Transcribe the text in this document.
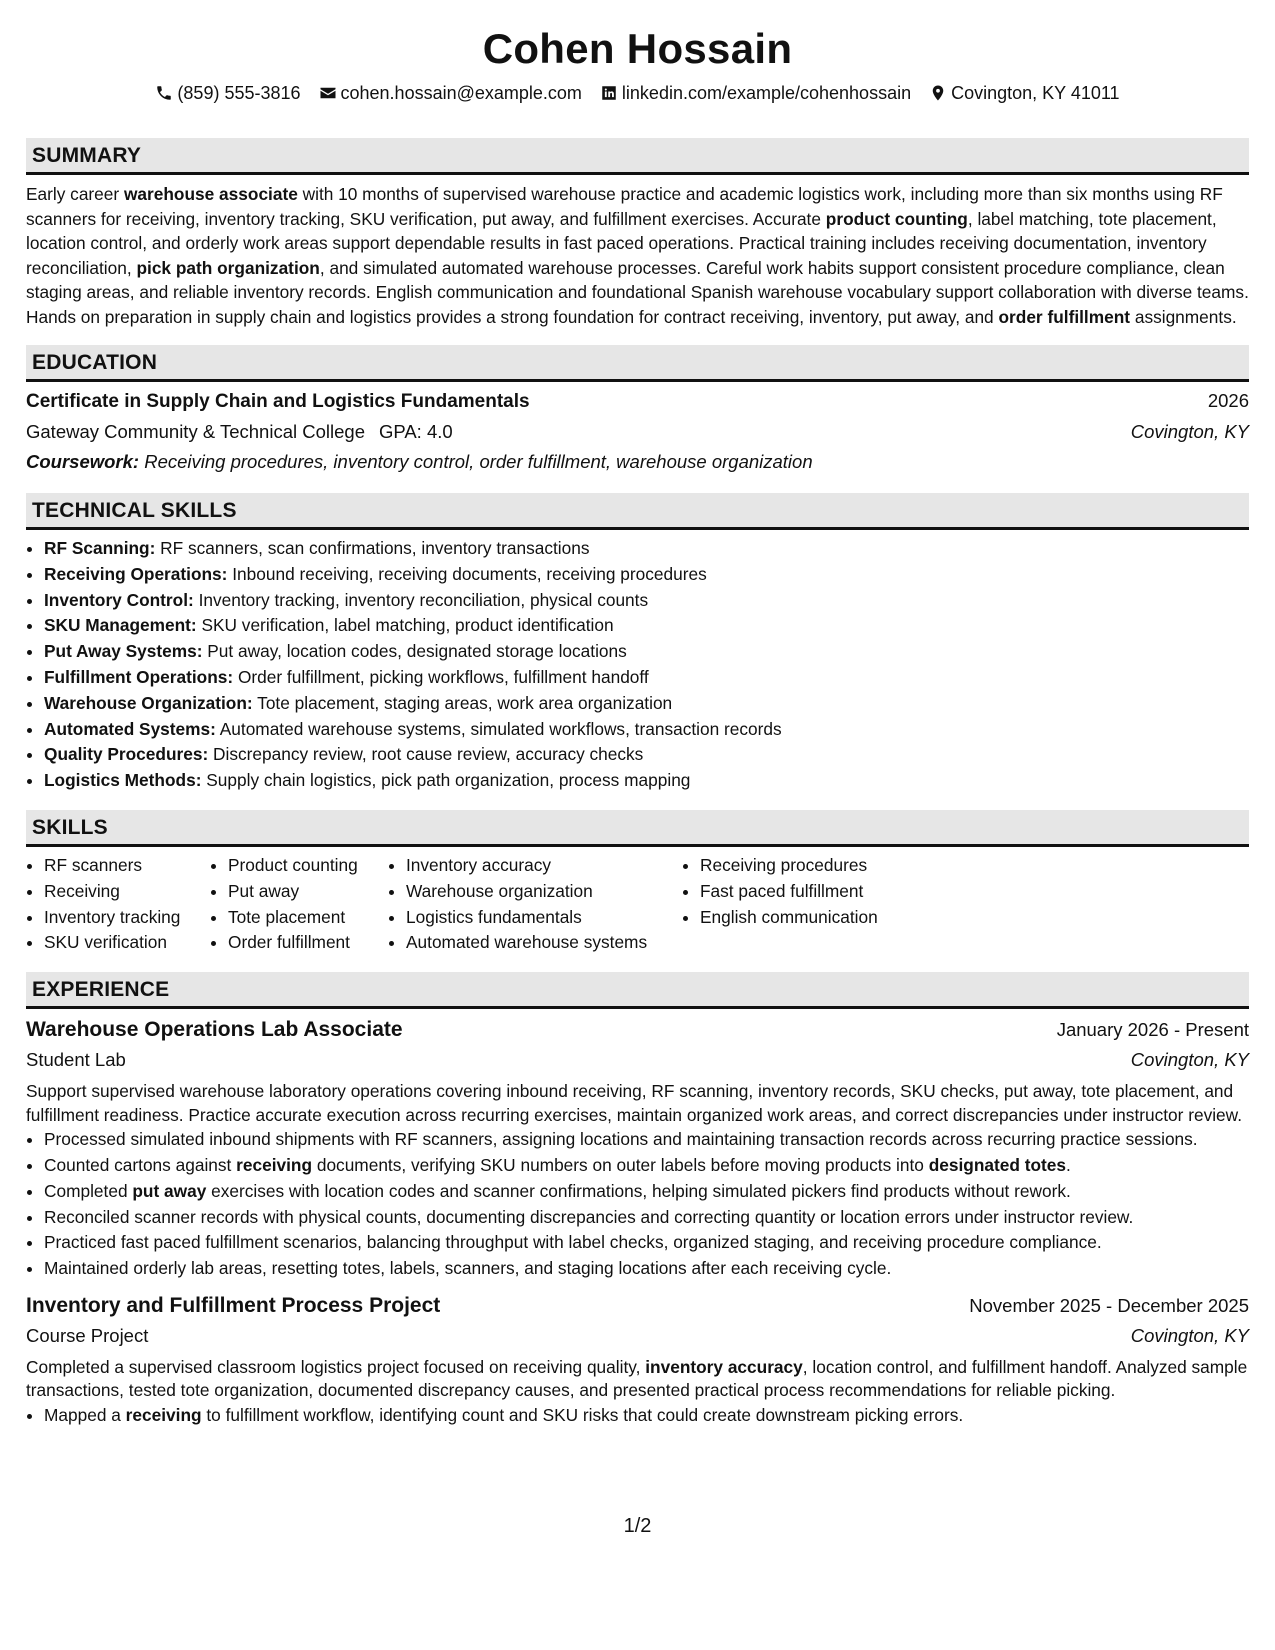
Cohen Hossain
(859) 555-3816 cohen.hossain@example.com linkedin.com/example/cohenhossain Covington, KY 41011
SUMMARY

Early career warehouse associate with 10 months of supervised warehouse practice and academic logistics work, including more than six months using RF scanners for receiving, inventory tracking, SKU verification, put away, and fulfillment exercises. Accurate product counting, label matching, tote placement, location control, and orderly work areas support dependable results in fast paced operations. Practical training includes receiving documentation, inventory reconciliation, pick path organization, and simulated automated warehouse processes. Careful work habits support consistent procedure compliance, clean staging areas, and reliable inventory records. English communication and foundational Spanish warehouse vocabulary support collaboration with diverse teams. Hands on preparation in supply chain and logistics provides a strong foundation for contract receiving, inventory, put away, and order fulfillment assignments.

EDUCATION
Certificate in Supply Chain and Logistics Fundamentals	2026
Gateway Community & Technical College GPA: 4.0	Covington, KY
Coursework: Receiving procedures, inventory control, order fulfillment, warehouse organization
TECHNICAL SKILLS
• RF Scanning: RF scanners, scan confirmations, inventory transactions
• Receiving Operations: Inbound receiving, receiving documents, receiving procedures
• Inventory Control: Inventory tracking, inventory reconciliation, physical counts
• SKU Management: SKU verification, label matching, product identification
• Put Away Systems: Put away, location codes, designated storage locations
• Fulfillment Operations: Order fulfillment, picking workflows, fulfillment handoff
• Warehouse Organization: Tote placement, staging areas, work area organization
• Automated Systems: Automated warehouse systems, simulated workflows, transaction records
• Quality Procedures: Discrepancy review, root cause review, accuracy checks
• Logistics Methods: Supply chain logistics, pick path organization, process mapping
SKILLS
• RF scanners
• Receiving
• Inventory tracking
• SKU verification
• Product counting
• Put away
• Tote placement
• Order fulfillment
• Inventory accuracy
• Warehouse organization
• Logistics fundamentals
• Automated warehouse systems
• Receiving procedures
• Fast paced fulfillment
• English communication
EXPERIENCE
Warehouse Operations Lab Associate	January 2026 - Present
Student Lab	Covington, KY

Support supervised warehouse laboratory operations covering inbound receiving, RF scanning, inventory records, SKU checks, put away, tote placement, and fulfillment readiness. Practice accurate execution across recurring exercises, maintain organized work areas, and correct discrepancies under instructor review.

• Processed simulated inbound shipments with RF scanners, assigning locations and maintaining transaction records across recurring practice sessions.
• Counted cartons against receiving documents, verifying SKU numbers on outer labels before moving products into designated totes.
• Completed put away exercises with location codes and scanner confirmations, helping simulated pickers find products without rework.
• Reconciled scanner records with physical counts, documenting discrepancies and correcting quantity or location errors under instructor review.
• Practiced fast paced fulfillment scenarios, balancing throughput with label checks, organized staging, and receiving procedure compliance.
• Maintained orderly lab areas, resetting totes, labels, scanners, and staging locations after each receiving cycle.
Inventory and Fulfillment Process Project	November 2025 - December 2025
Course Project	Covington, KY

Completed a supervised classroom logistics project focused on receiving quality, inventory accuracy, location control, and fulfillment handoff. Analyzed sample transactions, tested tote organization, documented discrepancy causes, and presented practical process recommendations for reliable picking.

• Mapped a receiving to fulfillment workflow, identifying count and SKU risks that could create downstream picking errors.
1/2
